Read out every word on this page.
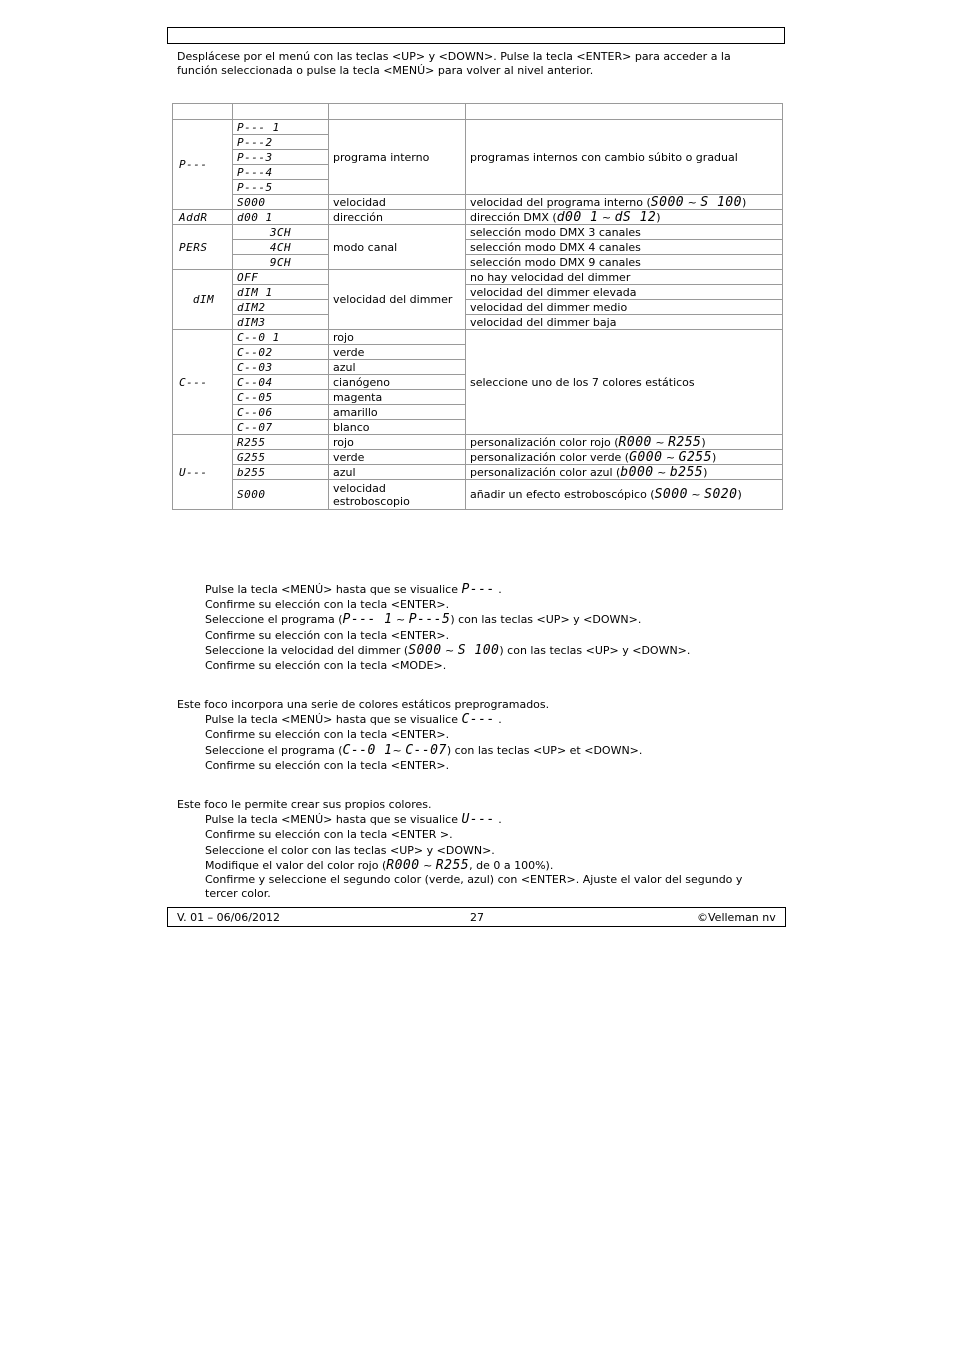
Desplácese por el menú con las teclas <UP> y <DOWN>. Pulse la tecla <ENTER> para acceder a la
función seleccionada o pulse la tecla <MENÚ> para volver al nivel anterior.

P---	P--- 1	programa interno	programas internos con cambio súbito o gradual
	P---2		
	P---3		
	P---4		
	P---5		
	S000	velocidad	velocidad del programa interno (S000 ~ S 100)
AddR	d00 1	dirección	dirección DMX (d00 1 ~ dS 12)
PERS	3CH	modo canal	selección modo DMX 3 canales
	4CH		selección modo DMX 4 canales
	9CH		selección modo DMX 9 canales
dIM	OFF	velocidad del dimmer	no hay velocidad del dimmer
	dIM 1		velocidad del dimmer elevada
	dIM2		velocidad del dimmer medio
	dIM3		velocidad del dimmer baja
C---	C--0 1	rojo	seleccione uno de los 7 colores estáticos
	C--02	verde	
	C--03	azul	
	C--04	cianógeno	
	C--05	magenta	
	C--06	amarillo	
	C--07	blanco	
U---	R255	rojo	personalización color rojo (R000 ~ R255)
	G255	verde	personalización color verde (G000 ~ G255)
	b255	azul	personalización color azul (b000 ~ b255)
	S000	velocidad estroboscopio	añadir un efecto estroboscópico (S000 ~ S020)
Pulse la tecla <MENÚ> hasta que se visualice P--- .
Confirme su elección con la tecla <ENTER>.
Seleccione el programa (P--- 1 ~ P---5) con las teclas <UP> y <DOWN>.
Confirme su elección con la tecla <ENTER>.
Seleccione la velocidad del dimmer (S000 ~ S 100) con las teclas <UP> y <DOWN>.
Confirme su elección con la tecla <MODE>.
Este foco incorpora una serie de colores estáticos preprogramados.
Pulse la tecla <MENÚ> hasta que se visualice C--- .
Confirme su elección con la tecla <ENTER>.
Seleccione el programa (C--0 1~ C--07) con las teclas <UP> et <DOWN>.
Confirme su elección con la tecla <ENTER>.
Este foco le permite crear sus propios colores.
Pulse la tecla <MENÚ> hasta que se visualice U--- .
Confirme su elección con la tecla <ENTER >.
Seleccione el color con las teclas <UP> y <DOWN>.
Modifique el valor del color rojo (R000 ~ R255, de 0 a 100%).
Confirme y seleccione el segundo color (verde, azul) con <ENTER>. Ajuste el valor del segundo y
tercer color.
V. 01 – 06/06/2012	27	©Velleman nv
